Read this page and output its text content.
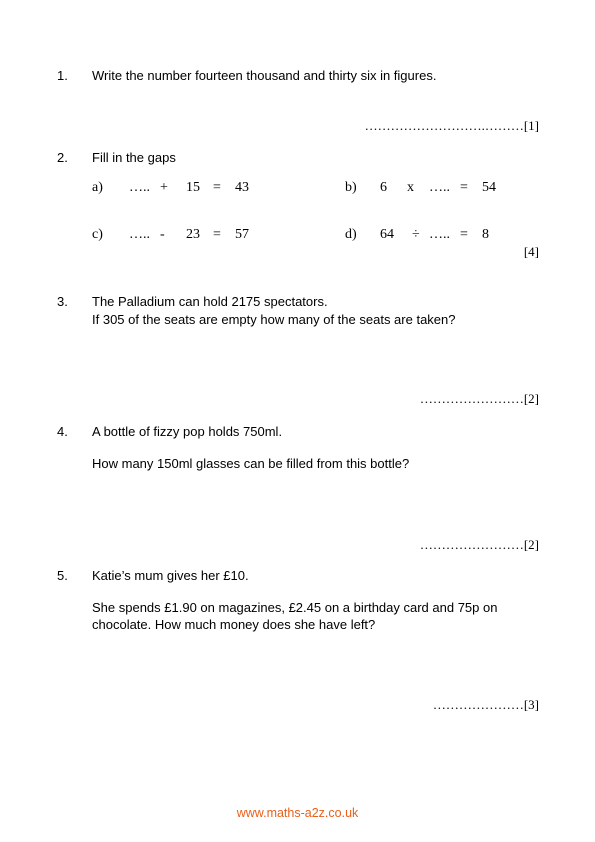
1. Write the number fourteen thousand and thirty six in figures.
……………………….………[1]
2. Fill in the gaps
a) ….. + 15 = 43	b) 6 x ….. = 54
c) ….. - 23 = 57	d) 64 ÷ ….. = 8
[4]
3. The Palladium can hold 2175 spectators.
If 305 of the seats are empty how many of the seats are taken?
……………………[2]
4. A bottle of fizzy pop holds 750ml.
How many 150ml glasses can be filled from this bottle?
……………………[2]
5. Katie’s mum gives her £10.
She spends £1.90 on magazines, £2.45 on a birthday card and 75p on
chocolate. How much money does she have left?
…………………[3]
www.maths-a2z.co.uk
